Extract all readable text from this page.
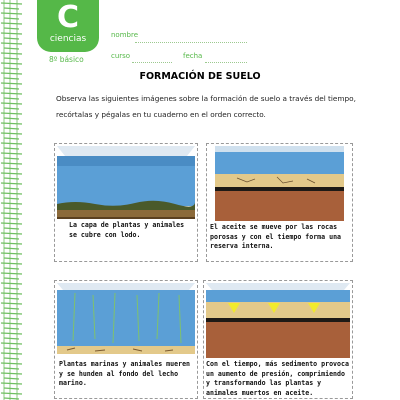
C
ciencias
8º básico
nombre
curso	fecha
FORMACIÓN DE SUELO
Observa las siguientes imágenes sobre la formación de suelo a través del tiempo, recórtalas y pégalas en tu cuaderno en el orden correcto.
La capa de plantas y animales se cubre con lodo.
El aceite se mueve por las rocas porosas y con el tiempo forma una reserva interna.
Plantas marinas y animales mueren y se hunden al fondo del lecho marino.
Con el tiempo, más sedimento provoca un aumento de presión, comprimiendo y transformando las plantas y animales muertos en aceite.
